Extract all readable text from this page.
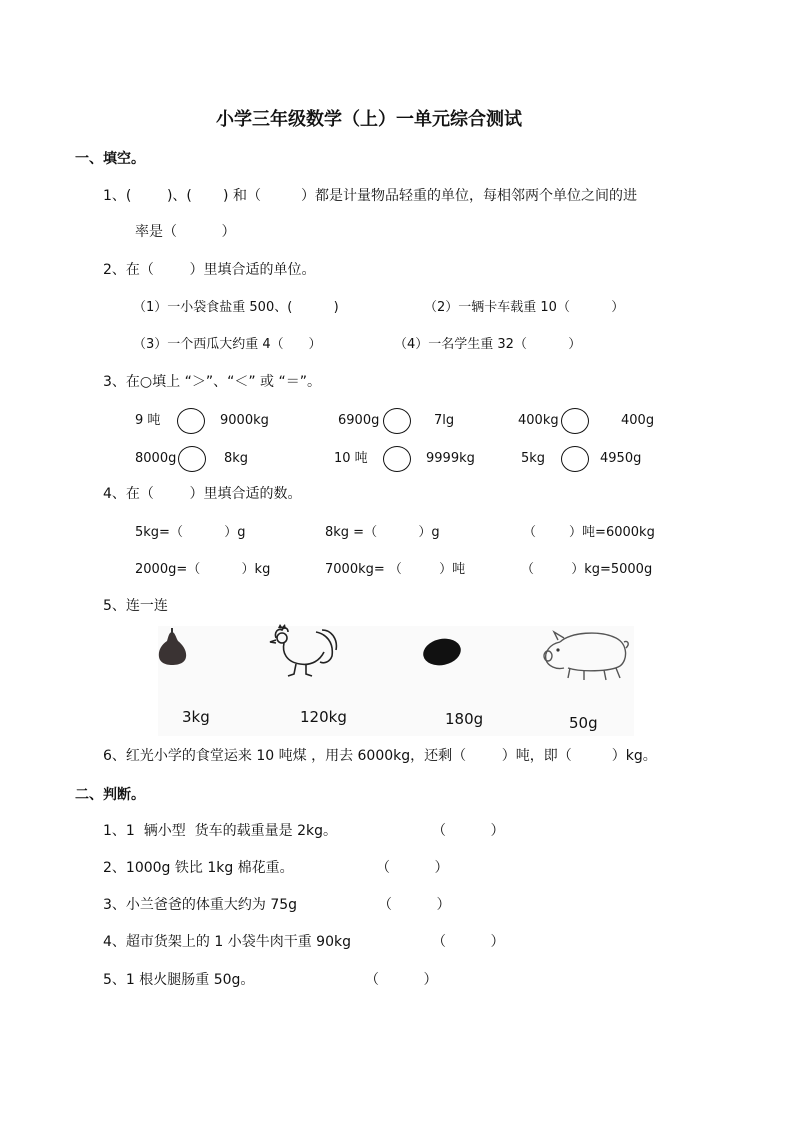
小学三年级数学（上）一单元综合测试
一、填空。
1、(        )、(       ) 和（         ）都是计量物品轻重的单位，每相邻两个单位之间的进
率是（          ）
2、在（        ）里填合适的单位。
（1）一小袋食盐重 500、(          )	（2）一辆卡车载重 10（          ）
（3）一个西瓜大约重 4（      ）	（4）一名学生重 32（          ）
3、在○填上 “＞”、“＜” 或 “＝”。
9 吨	9000kg	6900g	7lg	400kg	400g
8000g	8kg	10 吨	9999kg	5kg	4950g
4、在（        ）里填合适的数。
5kg=（          ）g	8kg =（          ）g	（        ）吨=6000kg
2000g=（          ）kg	7000kg= （         ）吨	（         ）kg=5000g
5、连一连
3kg	120kg	180g	50g
6、红光小学的食堂运来 10 吨煤 ，用去 6000kg，还剩（        ）吨，即（         ）kg。
二、判断。
1、1  辆小型  货车的载重量是 2kg。	（          ）
2、1000g 铁比 1kg 棉花重。	（          ）
3、小兰爸爸的体重大约为 75g	（          ）
4、超市货架上的 1 小袋牛肉干重 90kg	（          ）
5、1 根火腿肠重 50g。	（          ）
